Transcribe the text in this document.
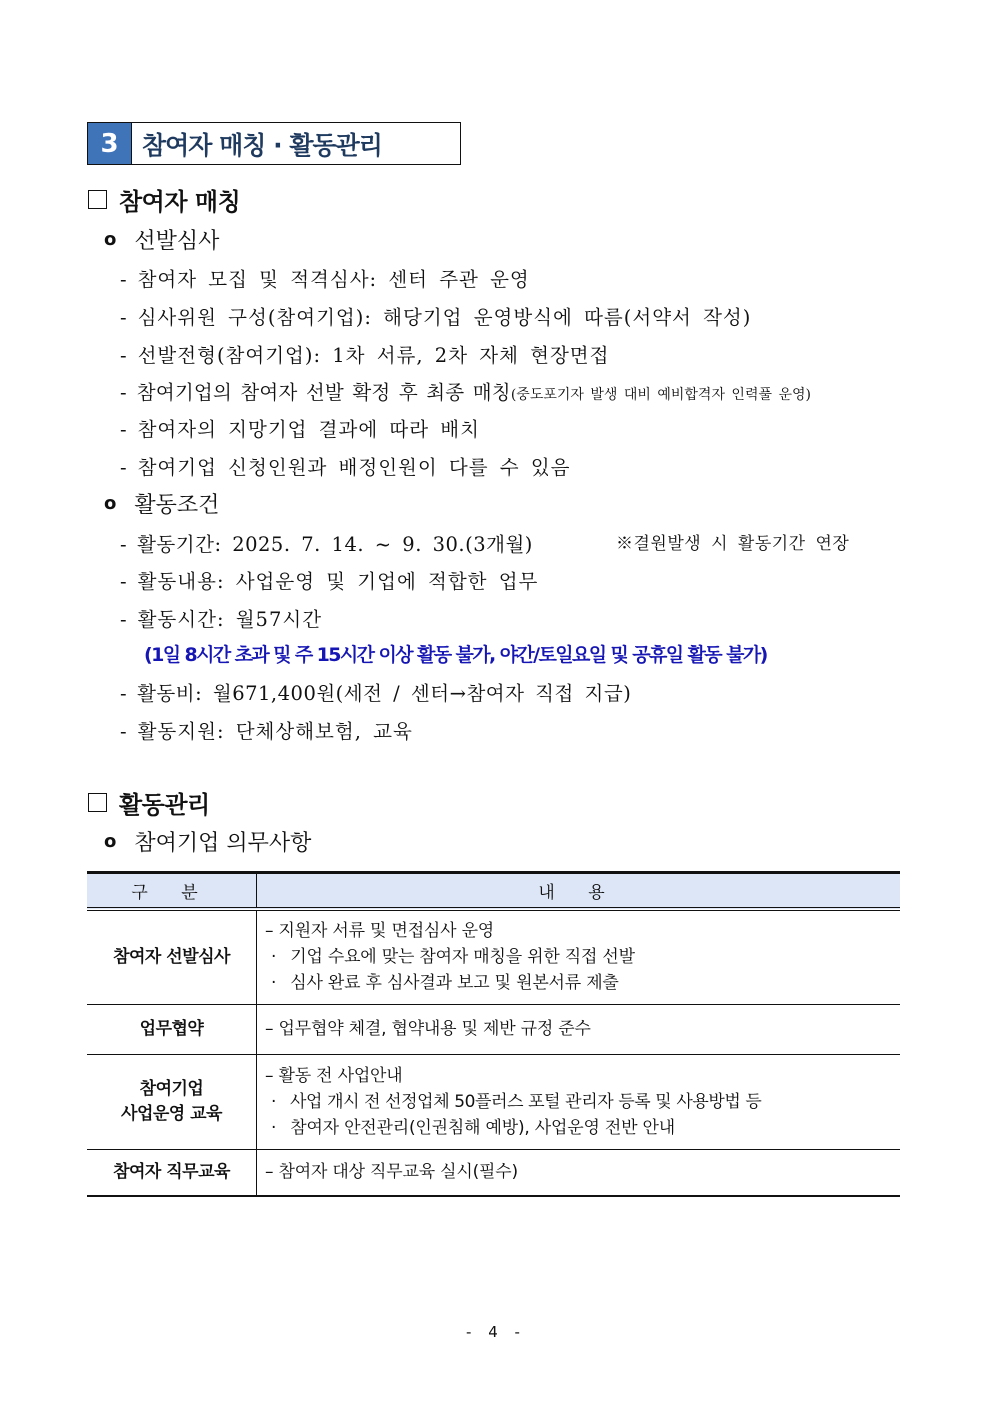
3 참여자 매칭 · 활동관리
참여자 매칭
o 선발심사
- 참여자 모집 및 적격심사: 센터 주관 운영
- 심사위원 구성(참여기업): 해당기업 운영방식에 따름(서약서 작성)
- 선발전형(참여기업): 1차 서류, 2차 자체 현장면접
- 참여기업의 참여자 선발 확정 후 최종 매칭(중도포기자 발생 대비 예비합격자 인력풀 운영)
- 참여자의 지망기업 결과에 따라 배치
- 참여기업 신청인원과 배정인원이 다를 수 있음
o 활동조건
- 활동기간: 2025. 7. 14. ~ 9. 30.(3개월)	※결원발생 시 활동기간 연장
- 활동내용: 사업운영 및 기업에 적합한 업무
- 활동시간: 월57시간
(1일 8시간 초과 및 주 15시간 이상 활동 불가, 야간/토일요일 및 공휴일 활동 불가)
- 활동비: 월671,400원(세전 / 센터→참여자 직접 지급)
- 활동지원: 단체상해보험, 교육
활동관리
o 참여기업 의무사항
구 분	내 용
참여자 선발심사	– 지원자 서류 및 면접심사 운영
· 기업 수요에 맞는 참여자 매칭을 위한 직접 선발
· 심사 완료 후 심사결과 보고 및 원본서류 제출

업무협약	– 업무협약 체결, 협약내용 및 제반 규정 준수

참여기업
사업운영 교육	– 활동 전 사업안내
· 사업 개시 전 선정업체 50플러스 포털 관리자 등록 및 사용방법 등
· 참여자 안전관리(인권침해 예방), 사업운영 전반 안내

참여자 직무교육	– 참여자 대상 직무교육 실시(필수)
- 4 -
